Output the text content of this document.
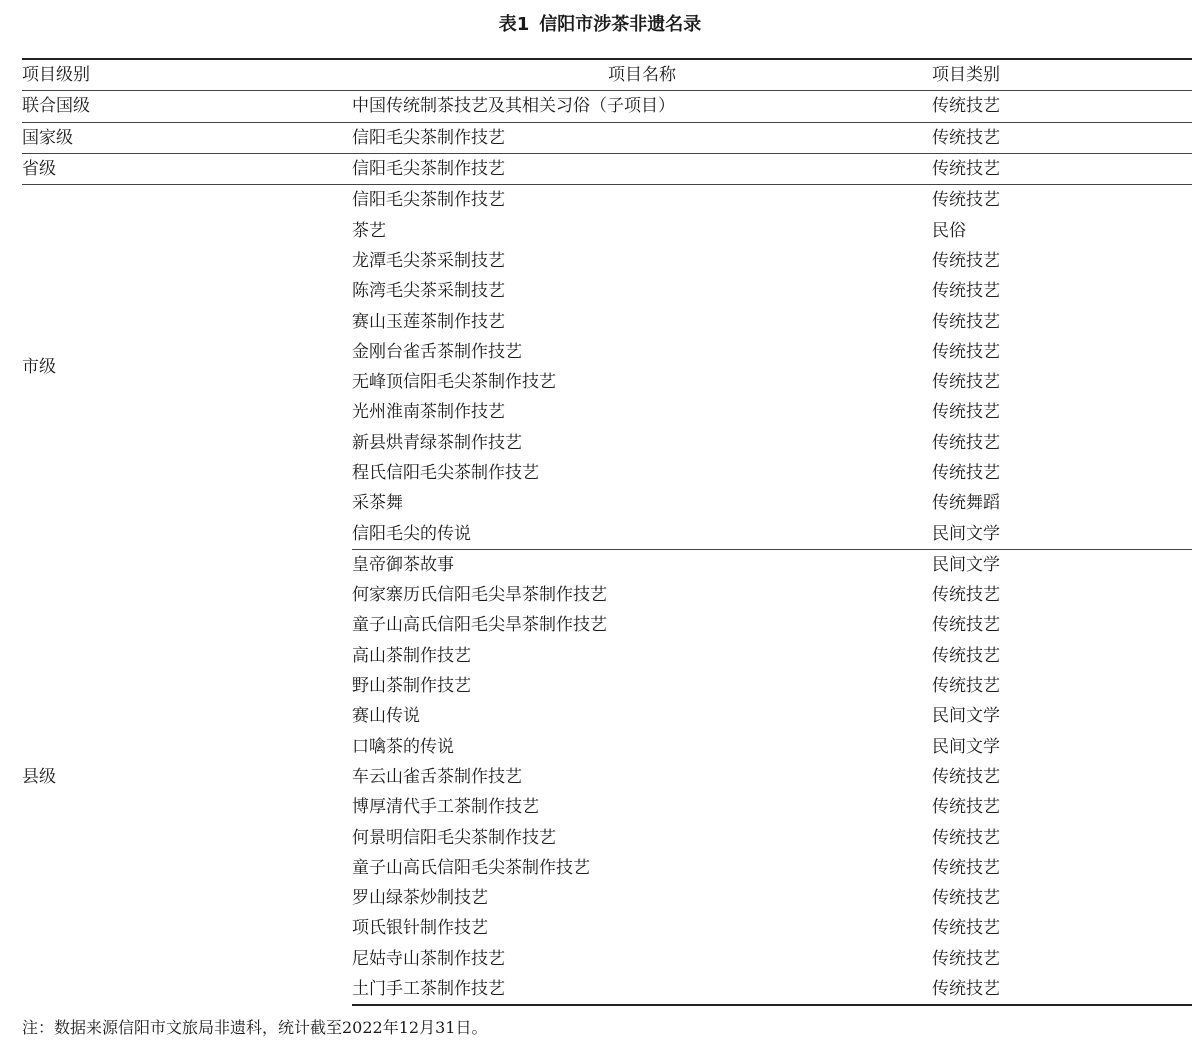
表1 信阳市涉茶非遗名录
项目级别	项目名称	项目类别
联合国级	中国传统制茶技艺及其相关习俗（子项目）	传统技艺
国家级	信阳毛尖茶制作技艺	传统技艺
省级	信阳毛尖茶制作技艺	传统技艺
市级	信阳毛尖茶制作技艺	传统技艺
	茶艺	民俗
	龙潭毛尖茶采制技艺	传统技艺
	陈湾毛尖茶采制技艺	传统技艺
	赛山玉莲茶制作技艺	传统技艺
	金刚台雀舌茶制作技艺	传统技艺
	无峰顶信阳毛尖茶制作技艺	传统技艺
	光州淮南茶制作技艺	传统技艺
	新县烘青绿茶制作技艺	传统技艺
	程氏信阳毛尖茶制作技艺	传统技艺
	采茶舞	传统舞蹈
	信阳毛尖的传说	民间文学
县级	皇帝御茶故事	民间文学
	何家寨历氏信阳毛尖旱茶制作技艺	传统技艺
	童子山高氏信阳毛尖旱茶制作技艺	传统技艺
	高山茶制作技艺	传统技艺
	野山茶制作技艺	传统技艺
	赛山传说	民间文学
	口噙茶的传说	民间文学
	车云山雀舌茶制作技艺	传统技艺
	博厚清代手工茶制作技艺	传统技艺
	何景明信阳毛尖茶制作技艺	传统技艺
	童子山高氏信阳毛尖茶制作技艺	传统技艺
	罗山绿茶炒制技艺	传统技艺
	项氏银针制作技艺	传统技艺
	尼姑寺山茶制作技艺	传统技艺
	土门手工茶制作技艺	传统技艺
注：数据来源信阳市文旅局非遗科，统计截至2022年12月31日。
